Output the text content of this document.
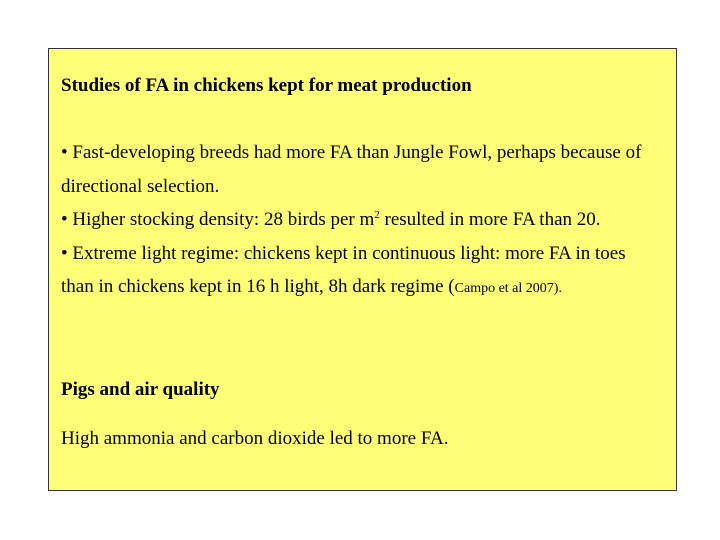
Studies of FA in chickens kept for meat production
• Fast-developing breeds had more FA than Jungle Fowl, perhaps because of
directional selection.
• Higher stocking density: 28 birds per $m^2$ resulted in more FA than 20.
• Extreme light regime: chickens kept in continuous light: more FA in toes
than in chickens kept in 16 h light, 8h dark regime (Campo et al 2007).
Pigs and air quality
High ammonia and carbon dioxide led to more FA.
